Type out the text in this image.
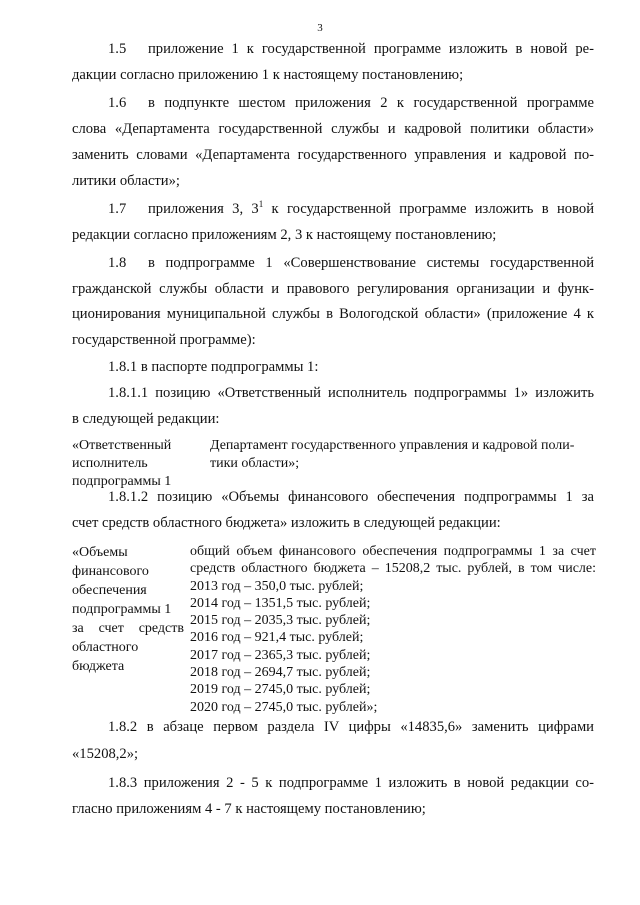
3
1.5 приложение 1 к государственной программе изложить в новой ре-
дакции согласно приложению 1 к настоящему постановлению;
1.6 в подпункте шестом приложения 2 к государственной программе
слова «Департамента государственной службы и кадровой политики области»
заменить словами «Департамента государственного управления и кадровой по-
литики области»;
1.7 приложения 3, $3^1$ к государственной программе изложить в новой
редакции согласно приложениям 2, 3 к настоящему постановлению;
1.8 в подпрограмме 1 «Совершенствование системы государственной
гражданской службы области и правового регулирования организации и функ-
ционирования муниципальной службы в Вологодской области» (приложение 4 к
государственной программе):
1.8.1 в паспорте подпрограммы 1:
1.8.1.1 позицию «Ответственный исполнитель подпрограммы 1» изложить
в следующей редакции:
«Ответственный
исполнитель
подпрограммы 1
Департамент государственного управления и кадровой поли-
тики области»;
1.8.1.2 позицию «Объемы финансового обеспечения подпрограммы 1 за
счет средств областного бюджета» изложить в следующей редакции:
«Объемы
финансового
обеспечения
подпрограммы 1
за счет средств
областного
бюджета
общий объем финансового обеспечения подпрограммы 1 за счет
средств областного бюджета – 15208,2 тыс. рублей, в том числе:
2013 год – 350,0 тыс. рублей;
2014 год – 1351,5 тыс. рублей;
2015 год – 2035,3 тыс. рублей;
2016 год – 921,4 тыс. рублей;
2017 год – 2365,3 тыс. рублей;
2018 год – 2694,7 тыс. рублей;
2019 год – 2745,0 тыс. рублей;
2020 год – 2745,0 тыс. рублей»;
1.8.2 в абзаце первом раздела IV цифры «14835,6» заменить цифрами
«15208,2»;
1.8.3 приложения 2 - 5 к подпрограмме 1 изложить в новой редакции со-
гласно приложениям 4 - 7 к настоящему постановлению;
